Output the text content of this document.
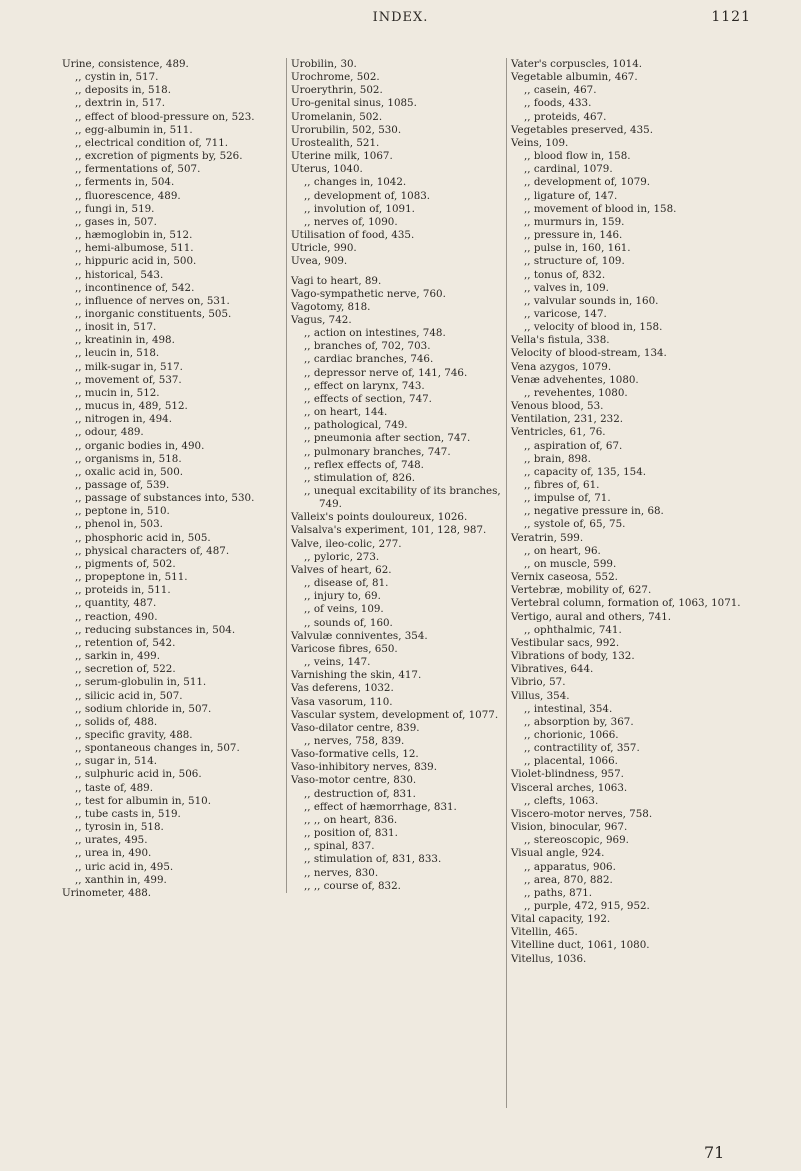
INDEX.	1121

Urine, consistence, 489.

,, cystin in, 517.

,, deposits in, 518.

,, dextrin in, 517.

,, effect of blood-pressure on, 523.

,, egg-albumin in, 511.

,, electrical condition of, 711.

,, excretion of pigments by, 526.

,, fermentations of, 507.

,, ferments in, 504.

,, fluorescence, 489.

,, fungi in, 519.

,, gases in, 507.

,, hæmoglobin in, 512.

,, hemi-albumose, 511.

,, hippuric acid in, 500.

,, historical, 543.

,, incontinence of, 542.

,, influence of nerves on, 531.

,, inorganic constituents, 505.

,, inosit in, 517.

,, kreatinin in, 498.

,, leucin in, 518.

,, milk-sugar in, 517.

,, movement of, 537.

,, mucin in, 512.

,, mucus in, 489, 512.

,, nitrogen in, 494.

,, odour, 489.

,, organic bodies in, 490.

,, organisms in, 518.

,, oxalic acid in, 500.

,, passage of, 539.

,, passage of substances into, 530.

,, peptone in, 510.

,, phenol in, 503.

,, phosphoric acid in, 505.

,, physical characters of, 487.

,, pigments of, 502.

,, propeptone in, 511.

,, proteids in, 511.

,, quantity, 487.

,, reaction, 490.

,, reducing substances in, 504.

,, retention of, 542.

,, sarkin in, 499.

,, secretion of, 522.

,, serum-globulin in, 511.

,, silicic acid in, 507.

,, sodium chloride in, 507.

,, solids of, 488.

,, specific gravity, 488.

,, spontaneous changes in, 507.

,, sugar in, 514.

,, sulphuric acid in, 506.

,, taste of, 489.

,, test for albumin in, 510.

,, tube casts in, 519.

,, tyrosin in, 518.

,, urates, 495.

,, urea in, 490.

,, uric acid in, 495.

,, xanthin in, 499.

Urinometer, 488.

Urobilin, 30.

Urochrome, 502.

Uroerythrin, 502.

Uro-genital sinus, 1085.

Uromelanin, 502.

Urorubilin, 502, 530.

Urostealith, 521.

Uterine milk, 1067.

Uterus, 1040.

,, changes in, 1042.

,, development of, 1083.

,, involution of, 1091.

,, nerves of, 1090.

Utilisation of food, 435.

Utricle, 990.

Uvea, 909.

Vagi to heart, 89.

Vago-sympathetic nerve, 760.

Vagotomy, 818.

Vagus, 742.

,, action on intestines, 748.

,, branches of, 702, 703.

,, cardiac branches, 746.

,, depressor nerve of, 141, 746.

,, effect on larynx, 743.

,, effects of section, 747.

,, on heart, 144.

,, pathological, 749.

,, pneumonia after section, 747.

,, pulmonary branches, 747.

,, reflex effects of, 748.

,, stimulation of, 826.

,, unequal excitability of its branches, 749.

Valleix's points douloureux, 1026.

Valsalva's experiment, 101, 128, 987.

Valve, ileo-colic, 277.

,, pyloric, 273.

Valves of heart, 62.

,, disease of, 81.

,, injury to, 69.

,, of veins, 109.

,, sounds of, 160.

Valvulæ conniventes, 354.

Varicose fibres, 650.

,, veins, 147.

Varnishing the skin, 417.

Vas deferens, 1032.

Vasa vasorum, 110.

Vascular system, development of, 1077.

Vaso-dilator centre, 839.

,, nerves, 758, 839.

Vaso-formative cells, 12.

Vaso-inhibitory nerves, 839.

Vaso-motor centre, 830.

,, destruction of, 831.

,, effect of hæmorrhage, 831.

,, ,, on heart, 836.

,, position of, 831.

,, spinal, 837.

,, stimulation of, 831, 833.

,, nerves, 830.

,, ,, course of, 832.

Vater's corpuscles, 1014.

Vegetable albumin, 467.

,, casein, 467.

,, foods, 433.

,, proteids, 467.

Vegetables preserved, 435.

Veins, 109.

,, blood flow in, 158.

,, cardinal, 1079.

,, development of, 1079.

,, ligature of, 147.

,, movement of blood in, 158.

,, murmurs in, 159.

,, pressure in, 146.

,, pulse in, 160, 161.

,, structure of, 109.

,, tonus of, 832.

,, valves in, 109.

,, valvular sounds in, 160.

,, varicose, 147.

,, velocity of blood in, 158.

Vella's fistula, 338.

Velocity of blood-stream, 134.

Vena azygos, 1079.

Venæ advehentes, 1080.

,, revehentes, 1080.

Venous blood, 53.

Ventilation, 231, 232.

Ventricles, 61, 76.

,, aspiration of, 67.

,, brain, 898.

,, capacity of, 135, 154.

,, fibres of, 61.

,, impulse of, 71.

,, negative pressure in, 68.

,, systole of, 65, 75.

Veratrin, 599.

,, on heart, 96.

,, on muscle, 599.

Vernix caseosa, 552.

Vertebræ, mobility of, 627.

Vertebral column, formation of, 1063, 1071.

Vertigo, aural and others, 741.

,, ophthalmic, 741.

Vestibular sacs, 992.

Vibrations of body, 132.

Vibratives, 644.

Vibrio, 57.

Villus, 354.

,, intestinal, 354.

,, absorption by, 367.

,, chorionic, 1066.

,, contractility of, 357.

,, placental, 1066.

Violet-blindness, 957.

Visceral arches, 1063.

,, clefts, 1063.

Viscero-motor nerves, 758.

Vision, binocular, 967.

,, stereoscopic, 969.

Visual angle, 924.

,, apparatus, 906.

,, area, 870, 882.

,, paths, 871.

,, purple, 472, 915, 952.

Vital capacity, 192.

Vitellin, 465.

Vitelline duct, 1061, 1080.

Vitellus, 1036.

71
